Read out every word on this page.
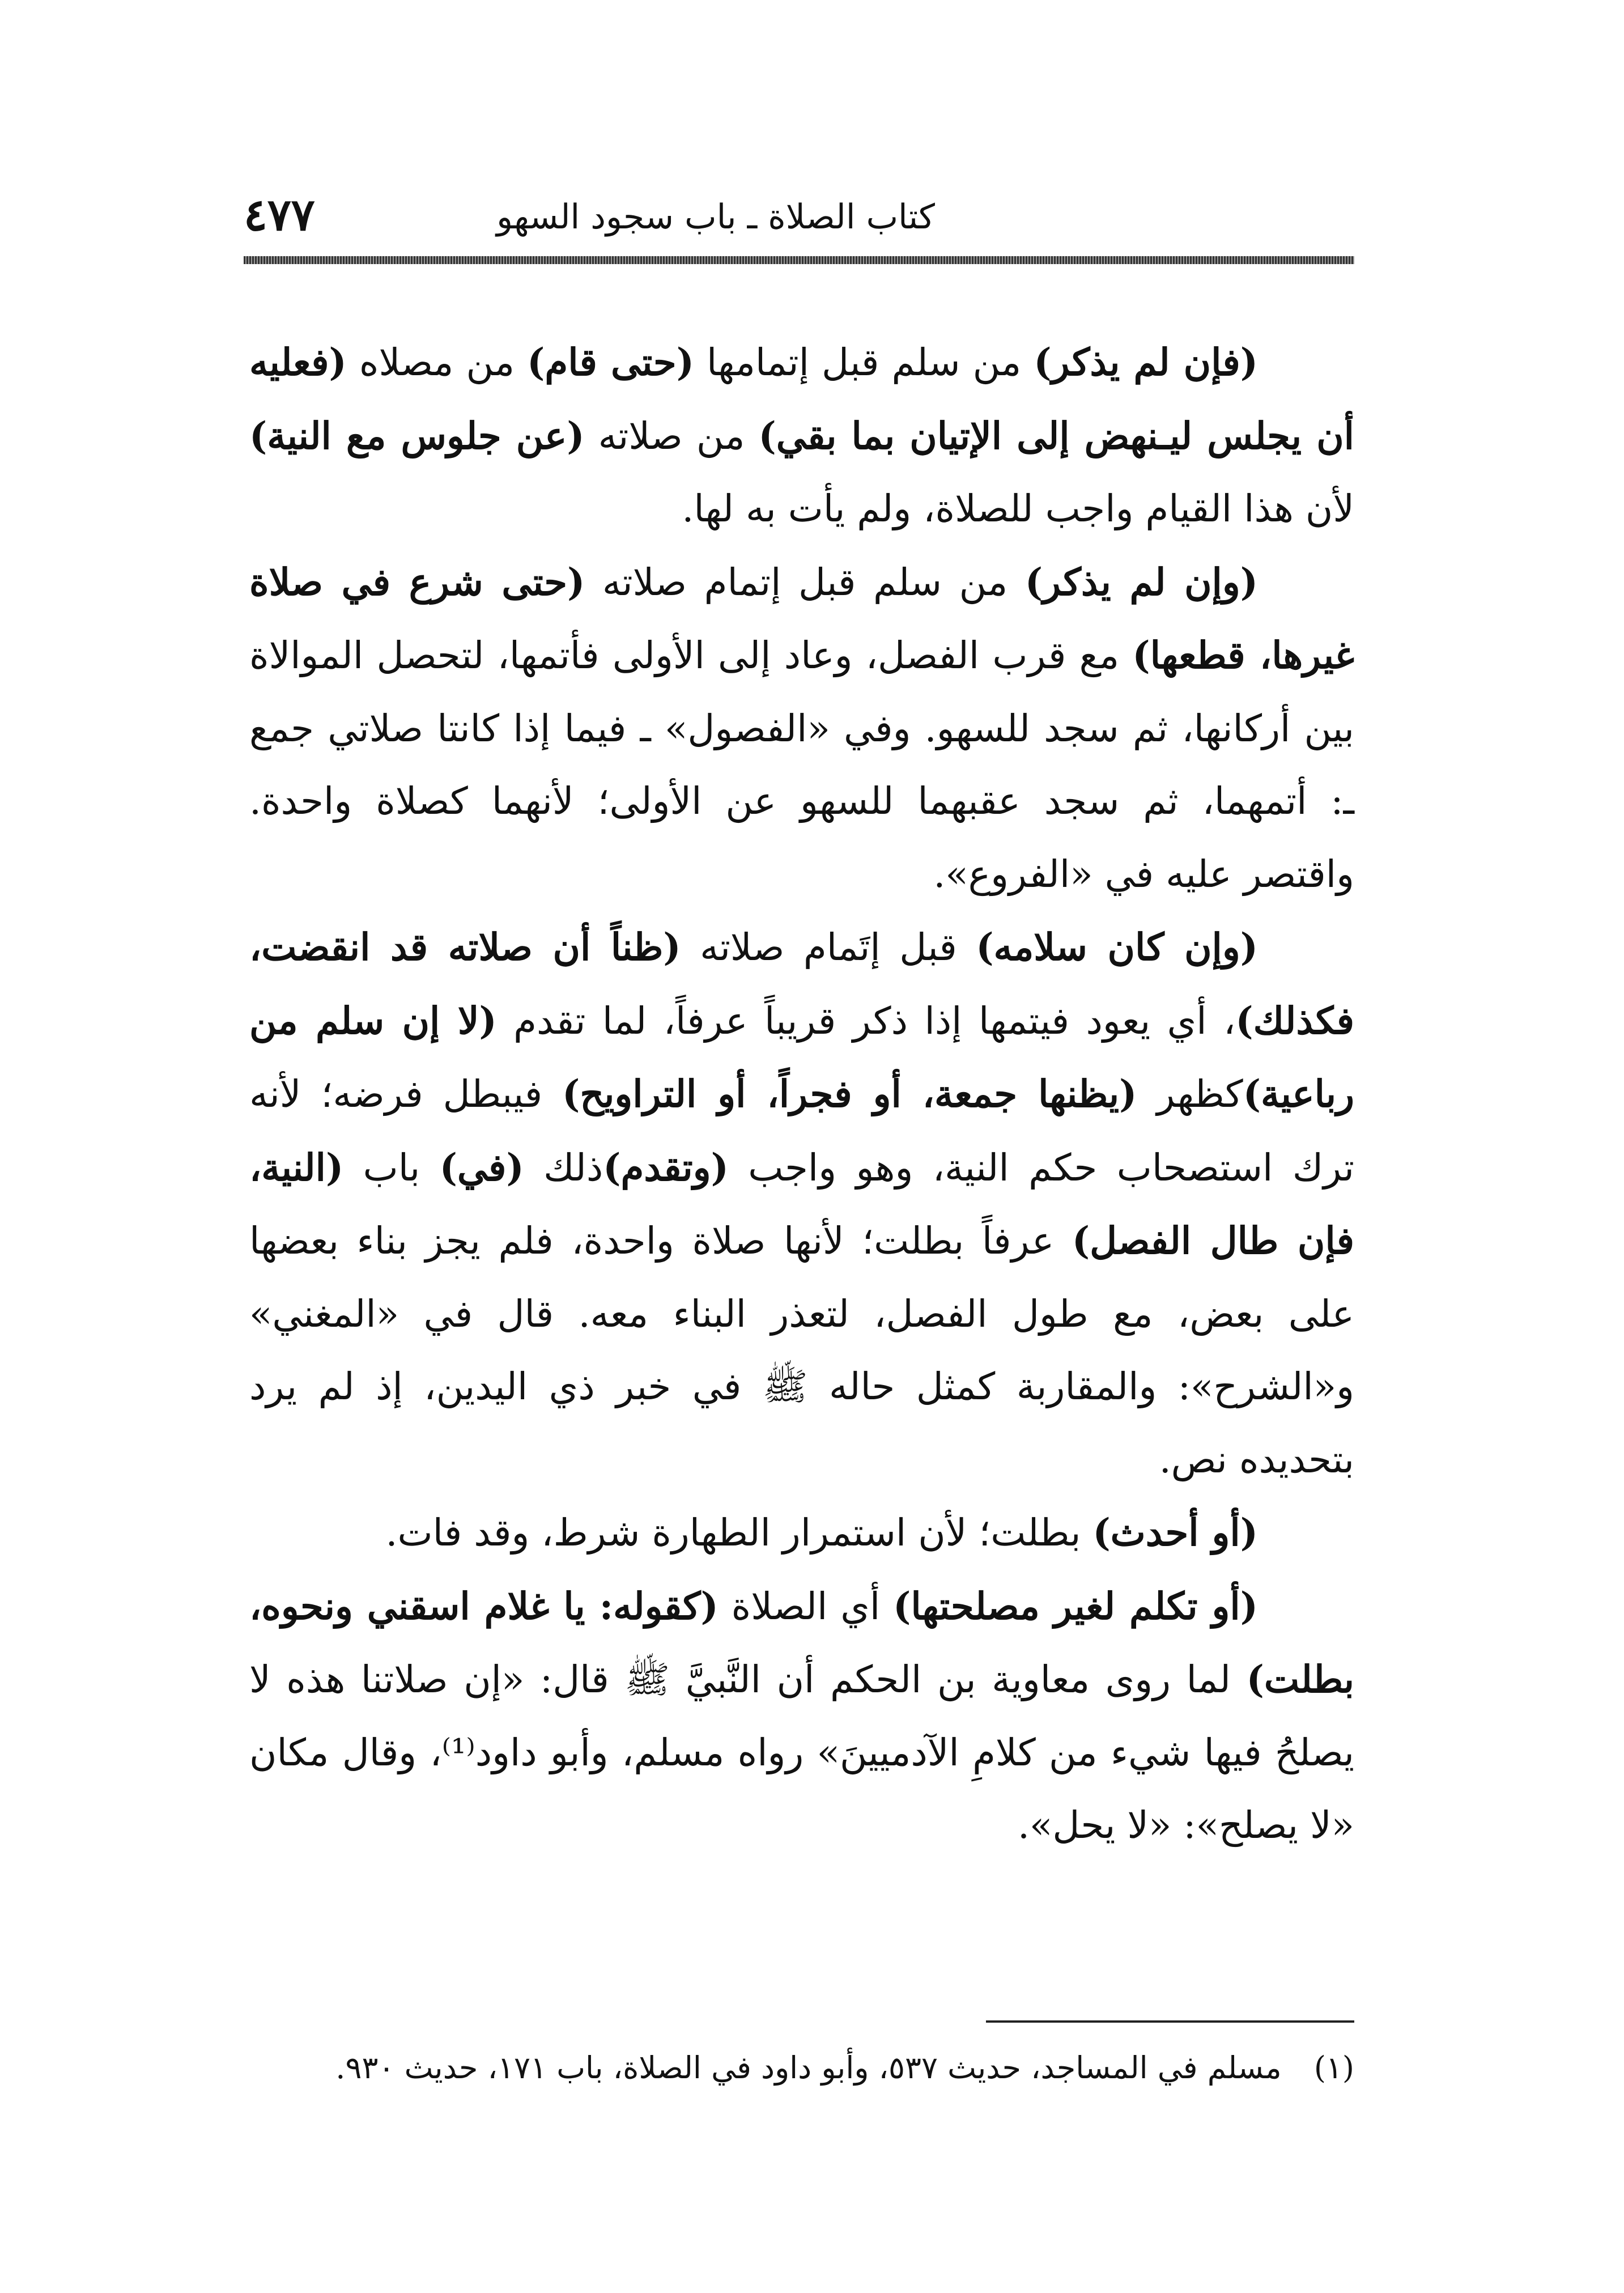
كتاب الصلاة ـ باب سجود السهو
٤٧٧

(فإن لم يذكر) من سلم قبل إتمامها (حتى قام) من مصلاه (فعليه أن يجلس ليـنهض إلى الإتيان بما بقي) من صلاته (عن جلوس مع النية) لأن هذا القيام واجب للصلاة، ولم يأت به لها.

(وإن لم يذكر) من سلم قبل إتمام صلاته (حتى شرع في صلاة غيرها، قطعها) مع قرب الفصل، وعاد إلى الأولى فأتمها، لتحصل الموالاة بين أركانها، ثم سجد للسهو. وفي «الفصول» ـ فيما إذا كانتا صلاتي جمع ـ: أتمهما، ثم سجد عقبهما للسهو عن الأولى؛ لأنهما كصلاة واحدة. واقتصر عليه في «الفروع».

(وإن كان سلامه) قبل إتَمام صلاته (ظناً أن صلاته قد انقضت، فكذلك)، أي يعود فيتمها إذا ذكر قريباً عرفاً، لما تقدم (لا إن سلم من رباعية)كظهر (يظنها جمعة، أو فجراً، أو التراويح) فيبطل فرضه؛ لأنه ترك استصحاب حكم النية، وهو واجب (وتقدم)ذلك (في) باب (النية، فإن طال الفصل) عرفاً بطلت؛ لأنها صلاة واحدة، فلم يجز بناء بعضها على بعض، مع طول الفصل، لتعذر البناء معه. قال في «المغني» و«الشرح»: والمقاربة كمثل حاله ﷺ في خبر ذي اليدين، إذ لم يرد بتحديده نص.

(أو أحدث) بطلت؛ لأن استمرار الطهارة شرط، وقد فات.

(أو تكلم لغير مصلحتها) أي الصلاة (كقوله: يا غلام اسقني ونحوه، بطلت) لما روى معاوية بن الحكم أن النَّبيَّ ﷺ قال: «إن صلاتنا هذه لا يصلحُ فيها شيء من كلامِ الآدميينَ» رواه مسلم، وأبو داود⁽¹⁾، وقال مكان «لا يصلح»: «لا يحل».

(١) مسلم في المساجد، حديث ٥٣٧، وأبو داود في الصلاة، باب ١٧١، حديث ٩٣٠.
